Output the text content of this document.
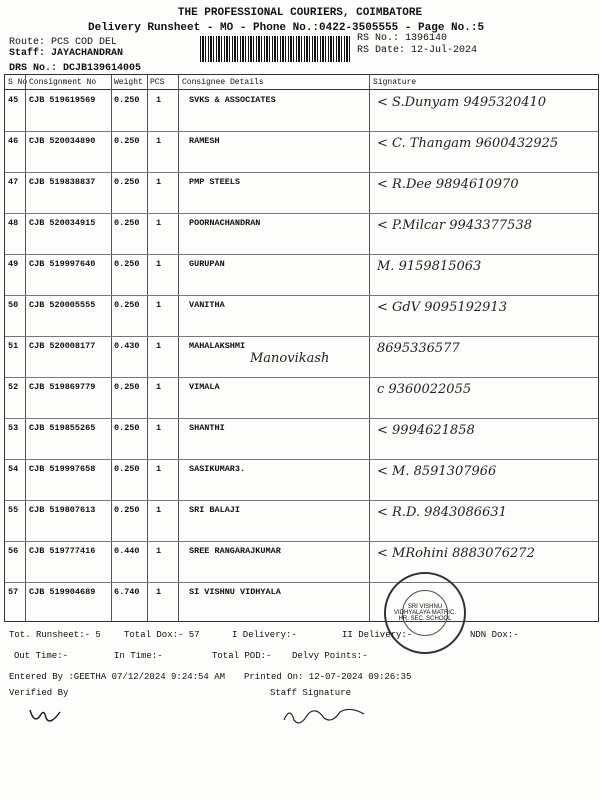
THE PROFESSIONAL COURIERS, COIMBATORE
Delivery Runsheet - MO - Phone No.:0422-3505555 - Page No.:5
Route: PCS COD DEL
Staff: JAYACHANDRAN
RS No.: 1396140
RS Date: 12-Jul-2024
DRS No.: DCJB139614005
S No Consignment No Weight PCS Consignee Details	Signature
45 CJB 519619569 0.250 1	SVKS & ASSOCIATES	< S.Dunyam 9495320410
46 CJB 520034890 0.250 1	RAMESH	< C. Thangam 9600432925
47 CJB 519838837 0.250 1	PMP STEELS	< R.Dee 9894610970
48 CJB 520034915 0.250 1	POORNACHANDRAN	< P.Milcar 9943377538
49 CJB 519997640 0.250 1	GURUPAN	M. 9159815063
50 CJB 520005555 0.250 1	VANITHA	< GdV 9095192913
51 CJB 520008177 0.430 1	MAHALAKSHMI	8695336577
52 CJB 519869779 0.250 1	VIMALA	c 9360022055
53 CJB 519855265 0.250 1	SHANTHI	< 9994621858
54 CJB 519997658 0.250 1	SASIKUMAR3.	< M. 8591307966
55 CJB 519807613 0.250 1	SRI BALAJI	< R.D. 9843086631
56 CJB 519777416 0.440 1	SREE RANGARAJKUMAR	< MRohini 8883076272
57 CJB 519904689 6.740 1	SI VISHNU VIDHYALA
Manovikash
SRI VISHNU VIDHYALAYA MATRIC. HR. SEC. SCHOOL
Tot. Runsheet:- 5	Total Dox:- 57	I Delivery:-	II Delivery:-	NDN Dox:-
Out Time:-	In Time:-	Total POD:- Delvy Points:-
Entered By :GEETHA 07/12/2024 9:24:54 AM Printed On: 12-07-2024 09:26:35
Verified By	Staff Signature
